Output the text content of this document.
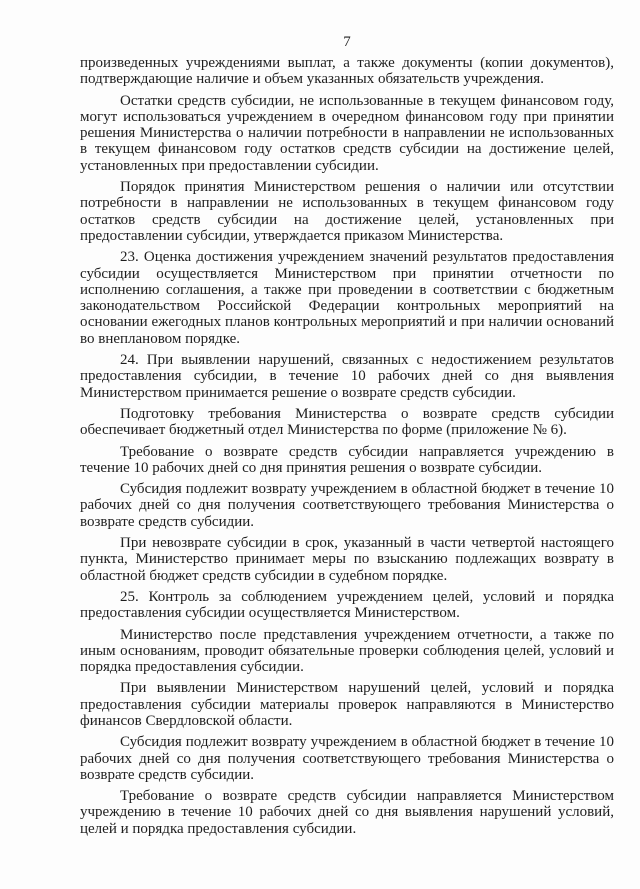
7

произведенных учреждениями выплат, а также документы (копии документов), подтверждающие наличие и объем указанных обязательств учреждения.

Остатки средств субсидии, не использованные в текущем финансовом году, могут использоваться учреждением в очередном финансовом году при принятии решения Министерства о наличии потребности в направлении не использованных в текущем финансовом году остатков средств субсидии на достижение целей, установленных при предоставлении субсидии.

Порядок принятия Министерством решения о наличии или отсутствии потребности в направлении не использованных в текущем финансовом году остатков средств субсидии на достижение целей, установленных при предоставлении субсидии, утверждается приказом Министерства.

23. Оценка достижения учреждением значений результатов предоставления субсидии осуществляется Министерством при принятии отчетности по исполнению соглашения, а также при проведении в соответствии с бюджетным законодательством Российской Федерации контрольных мероприятий на основании ежегодных планов контрольных мероприятий и при наличии оснований во внеплановом порядке.

24. При выявлении нарушений, связанных с недостижением результатов предоставления субсидии, в течение 10 рабочих дней со дня выявления Министерством принимается решение о возврате средств субсидии.

Подготовку требования Министерства о возврате средств субсидии обеспечивает бюджетный отдел Министерства по форме (приложение № 6).

Требование о возврате средств субсидии направляется учреждению в течение 10 рабочих дней со дня принятия решения о возврате субсидии.

Субсидия подлежит возврату учреждением в областной бюджет в течение 10 рабочих дней со дня получения соответствующего требования Министерства о возврате средств субсидии.

При невозврате субсидии в срок, указанный в части четвертой настоящего пункта, Министерство принимает меры по взысканию подлежащих возврату в областной бюджет средств субсидии в судебном порядке.

25. Контроль за соблюдением учреждением целей, условий и порядка предоставления субсидии осуществляется Министерством.

Министерство после представления учреждением отчетности, а также по иным основаниям, проводит обязательные проверки соблюдения целей, условий и порядка предоставления субсидии.

При выявлении Министерством нарушений целей, условий и порядка предоставления субсидии материалы проверок направляются в Министерство финансов Свердловской области.

Субсидия подлежит возврату учреждением в областной бюджет в течение 10 рабочих дней со дня получения соответствующего требования Министерства о возврате средств субсидии.

Требование о возврате средств субсидии направляется Министерством учреждению в течение 10 рабочих дней со дня выявления нарушений условий, целей и порядка предоставления субсидии.
